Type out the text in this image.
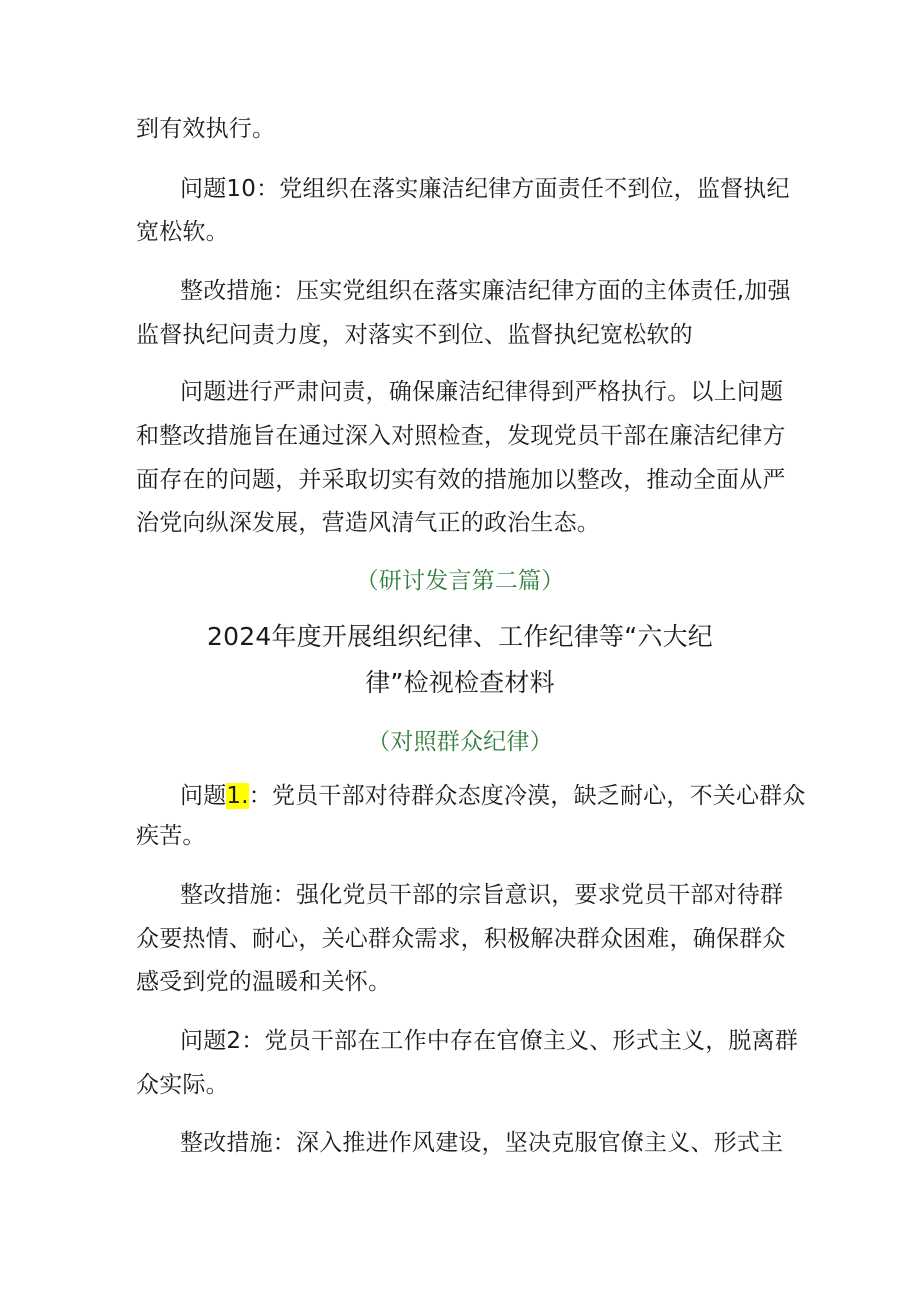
到有效执行。
问题10：党组织在落实廉洁纪律方面责任不到位，监督执纪
宽松软。
整改措施：压实党组织在落实廉洁纪律方面的主体责任,加强
监督执纪问责力度，对落实不到位、监督执纪宽松软的
问题进行严肃问责，确保廉洁纪律得到严格执行。以上问题
和整改措施旨在通过深入对照检查，发现党员干部在廉洁纪律方
面存在的问题，并采取切实有效的措施加以整改，推动全面从严
治党向纵深发展，营造风清气正的政治生态。
（研讨发言第二篇）
2024年度开展组织纪律、工作纪律等“六大纪
律”检视检查材料
（对照群众纪律）
问题1.：党员干部对待群众态度冷漠，缺乏耐心，不关心群众
疾苦。
整改措施：强化党员干部的宗旨意识，要求党员干部对待群
众要热情、耐心，关心群众需求，积极解决群众困难，确保群众
感受到党的温暖和关怀。
问题2：党员干部在工作中存在官僚主义、形式主义，脱离群
众实际。
整改措施：深入推进作风建设，坚决克服官僚主义、形式主
